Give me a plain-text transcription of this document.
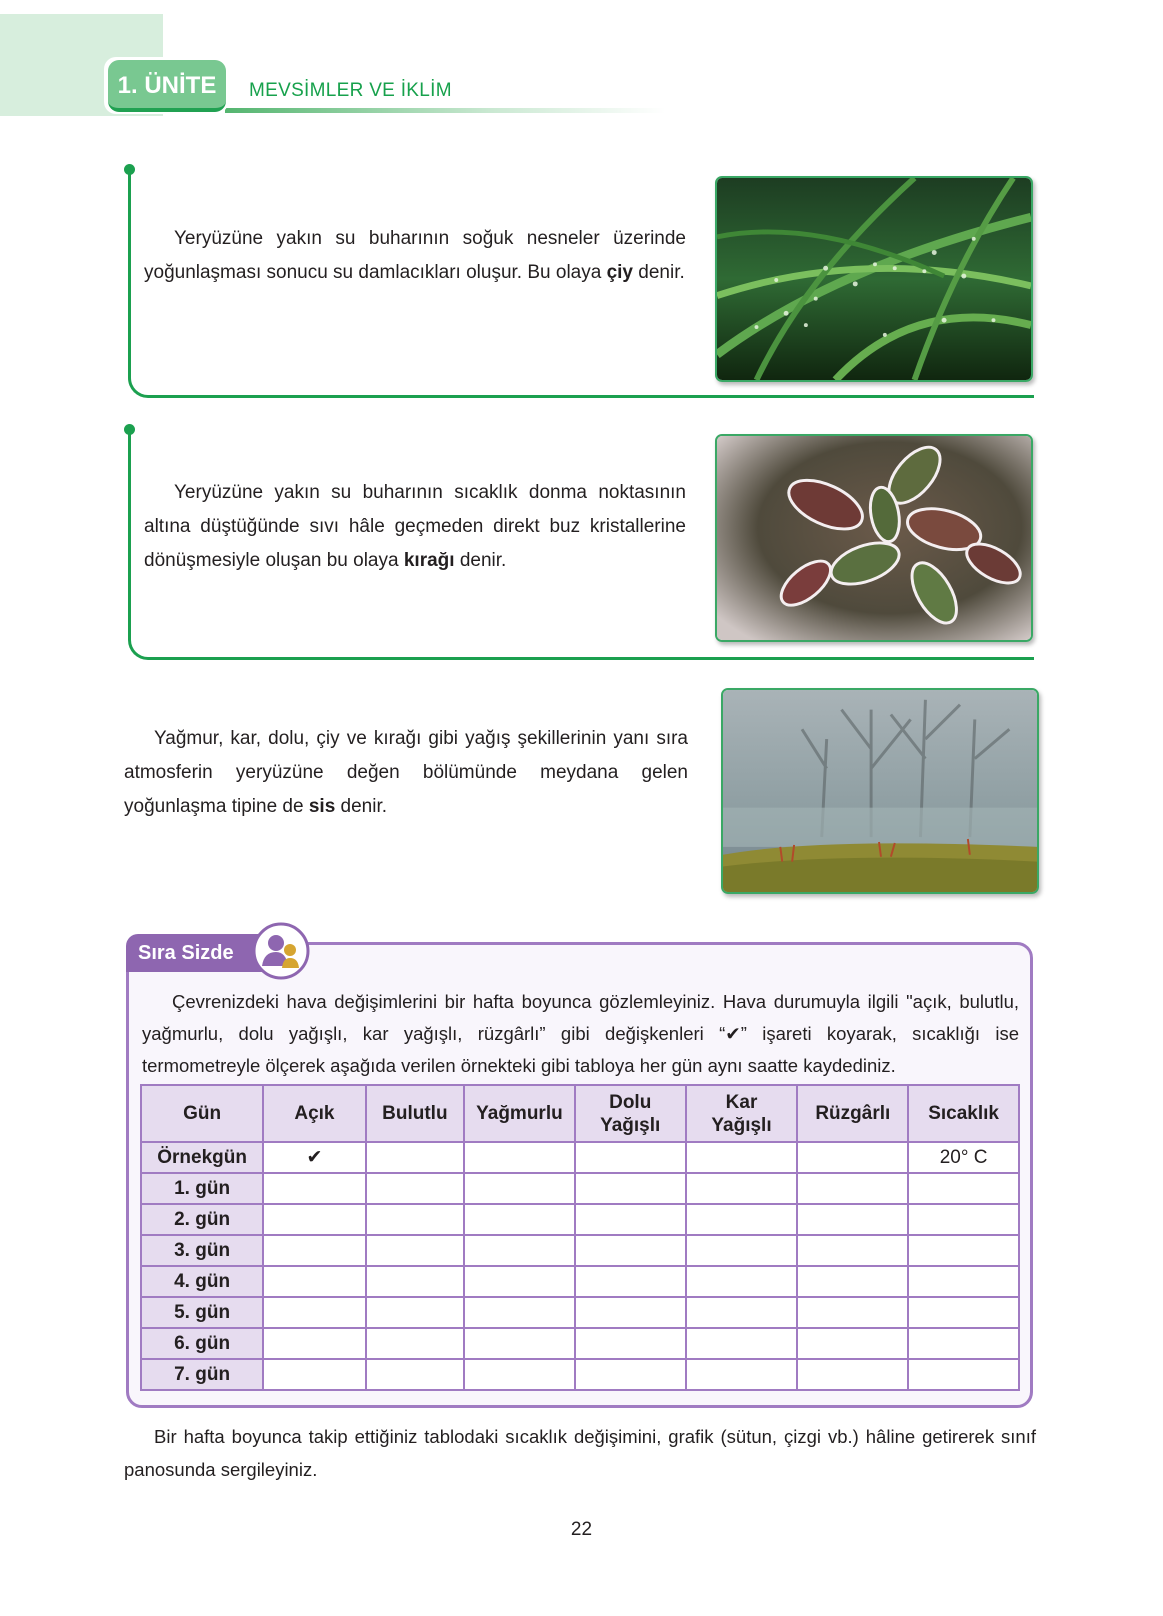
1. ÜNİTE	MEVSİMLER VE İKLİM

Yeryüzüne yakın su buharının soğuk nesneler üzerinde yoğunlaşması sonucu su damlacıkları oluşur. Bu olaya çiy denir.

Yeryüzüne yakın su buharının sıcaklık donma noktasının altına düştüğünde sıvı hâle geçmeden direkt buz kristallerine dönüşmesiyle oluşan bu olaya kırağı denir.

Yağmur, kar, dolu, çiy ve kırağı gibi yağış şekillerinin yanı sıra atmosferin yeryüzüne değen bölümünde meydana gelen yoğunlaşma tipine de sis denir.

Sıra Sizde

Çevrenizdeki hava değişimlerini bir hafta boyunca gözlemleyiniz. Hava durumuyla ilgili "açık, bulutlu, yağmurlu, dolu yağışlı, kar yağışlı, rüzgârlı” gibi değişkenleri “✔” işareti koyarak, sıcaklığı ise termometreyle ölçerek aşağıda verilen örnekteki gibi tabloya her gün aynı saatte kaydediniz.

Gün	Açık	Bulutlu	Yağmurlu	Dolu Yağışlı	Kar Yağışlı	Rüzgârlı	Sıcaklık
Örnekgün	✔						20° C
1. gün							
2. gün							
3. gün							
4. gün							
5. gün							
6. gün							
7. gün							

Bir hafta boyunca takip ettiğiniz tablodaki sıcaklık değişimini, grafik (sütun, çizgi vb.) hâline getirerek sınıf panosunda sergileyiniz.

22
